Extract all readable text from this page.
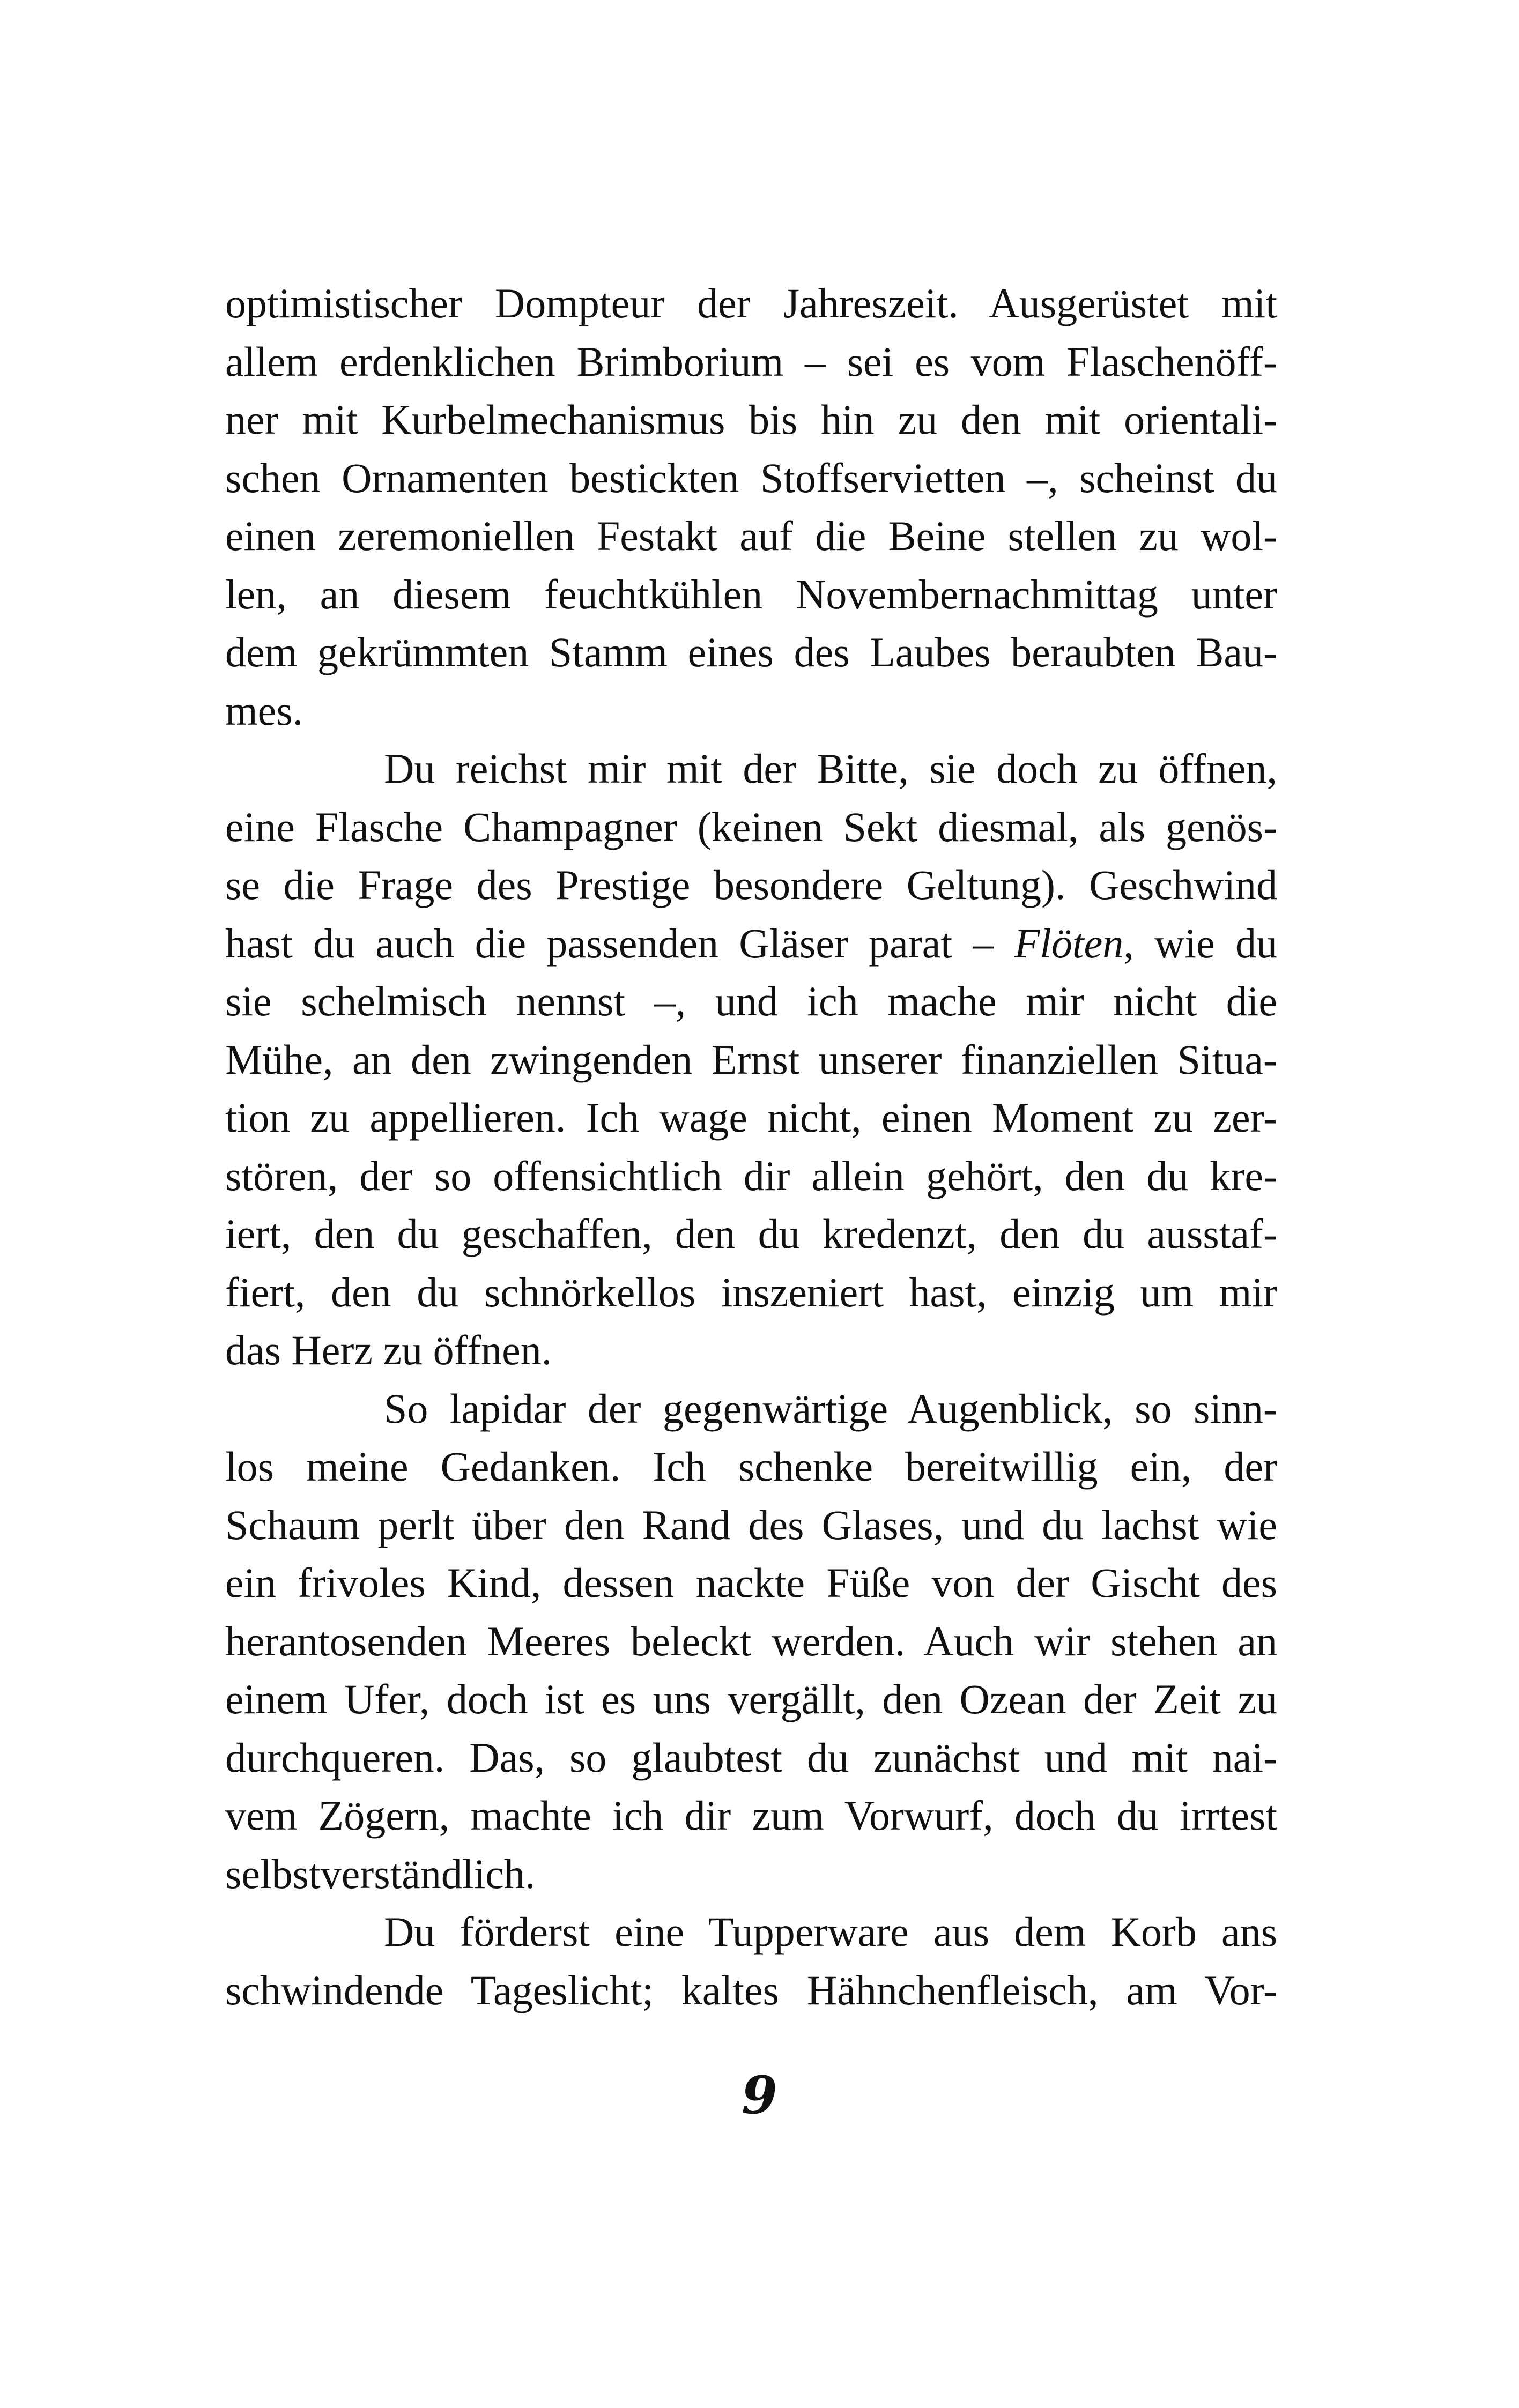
optimistischer Dompteur der Jahreszeit. Ausgerüstet mit
allem erdenklichen Brimborium – sei es vom Flaschenöff-
ner mit Kurbelmechanismus bis hin zu den mit orientali-
schen Ornamenten bestickten Stoffservietten –, scheinst du
einen zeremoniellen Festakt auf die Beine stellen zu wol-
len, an diesem feuchtkühlen Novembernachmittag unter
dem gekrümmten Stamm eines des Laubes beraubten Bau-
mes.
Du reichst mir mit der Bitte, sie doch zu öffnen,
eine Flasche Champagner (keinen Sekt diesmal, als genös-
se die Frage des Prestige besondere Geltung). Geschwind
hast du auch die passenden Gläser parat – Flöten, wie du
sie schelmisch nennst –, und ich mache mir nicht die
Mühe, an den zwingenden Ernst unserer finanziellen Situa-
tion zu appellieren. Ich wage nicht, einen Moment zu zer-
stören, der so offensichtlich dir allein gehört, den du kre-
iert, den du geschaffen, den du kredenzt, den du ausstaf-
fiert, den du schnörkellos inszeniert hast, einzig um mir
das Herz zu öffnen.
So lapidar der gegenwärtige Augenblick, so sinn-
los meine Gedanken. Ich schenke bereitwillig ein, der
Schaum perlt über den Rand des Glases, und du lachst wie
ein frivoles Kind, dessen nackte Füße von der Gischt des
herantosenden Meeres beleckt werden. Auch wir stehen an
einem Ufer, doch ist es uns vergällt, den Ozean der Zeit zu
durchqueren. Das, so glaubtest du zunächst und mit nai-
vem Zögern, machte ich dir zum Vorwurf, doch du irrtest
selbstverständlich.
Du förderst eine Tupperware aus dem Korb ans
schwindende Tageslicht; kaltes Hähnchenfleisch, am Vor-
9
